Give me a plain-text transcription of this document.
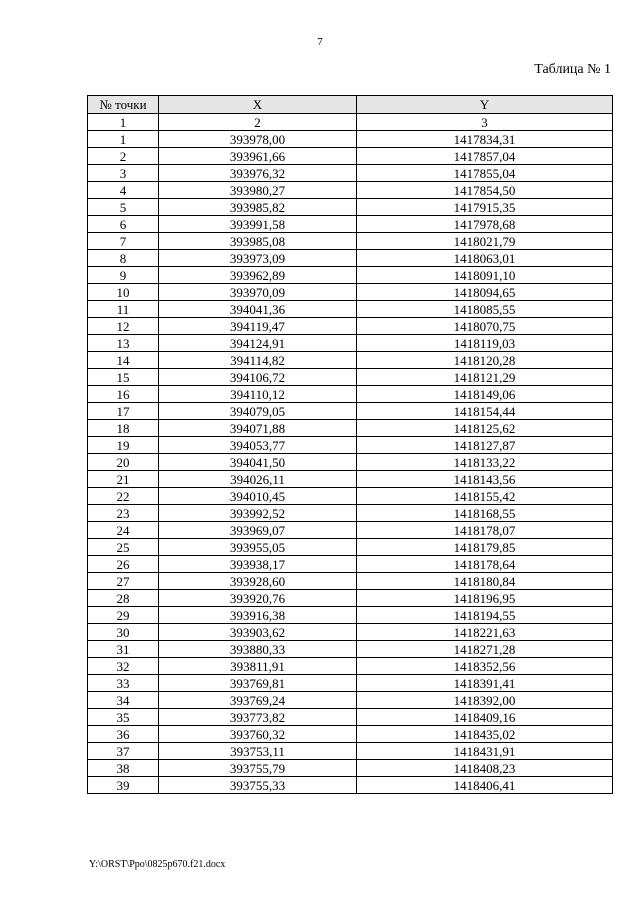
7
Таблица № 1
№ точки	X	Y
1	2	3
1	393978,00	1417834,31
2	393961,66	1417857,04
3	393976,32	1417855,04
4	393980,27	1417854,50
5	393985,82	1417915,35
6	393991,58	1417978,68
7	393985,08	1418021,79
8	393973,09	1418063,01
9	393962,89	1418091,10
10	393970,09	1418094,65
11	394041,36	1418085,55
12	394119,47	1418070,75
13	394124,91	1418119,03
14	394114,82	1418120,28
15	394106,72	1418121,29
16	394110,12	1418149,06
17	394079,05	1418154,44
18	394071,88	1418125,62
19	394053,77	1418127,87
20	394041,50	1418133,22
21	394026,11	1418143,56
22	394010,45	1418155,42
23	393992,52	1418168,55
24	393969,07	1418178,07
25	393955,05	1418179,85
26	393938,17	1418178,64
27	393928,60	1418180,84
28	393920,76	1418196,95
29	393916,38	1418194,55
30	393903,62	1418221,63
31	393880,33	1418271,28
32	393811,91	1418352,56
33	393769,81	1418391,41
34	393769,24	1418392,00
35	393773,82	1418409,16
36	393760,32	1418435,02
37	393753,11	1418431,91
38	393755,79	1418408,23
39	393755,33	1418406,41
Y:\ORST\Ppo\0825p670.f21.docx
